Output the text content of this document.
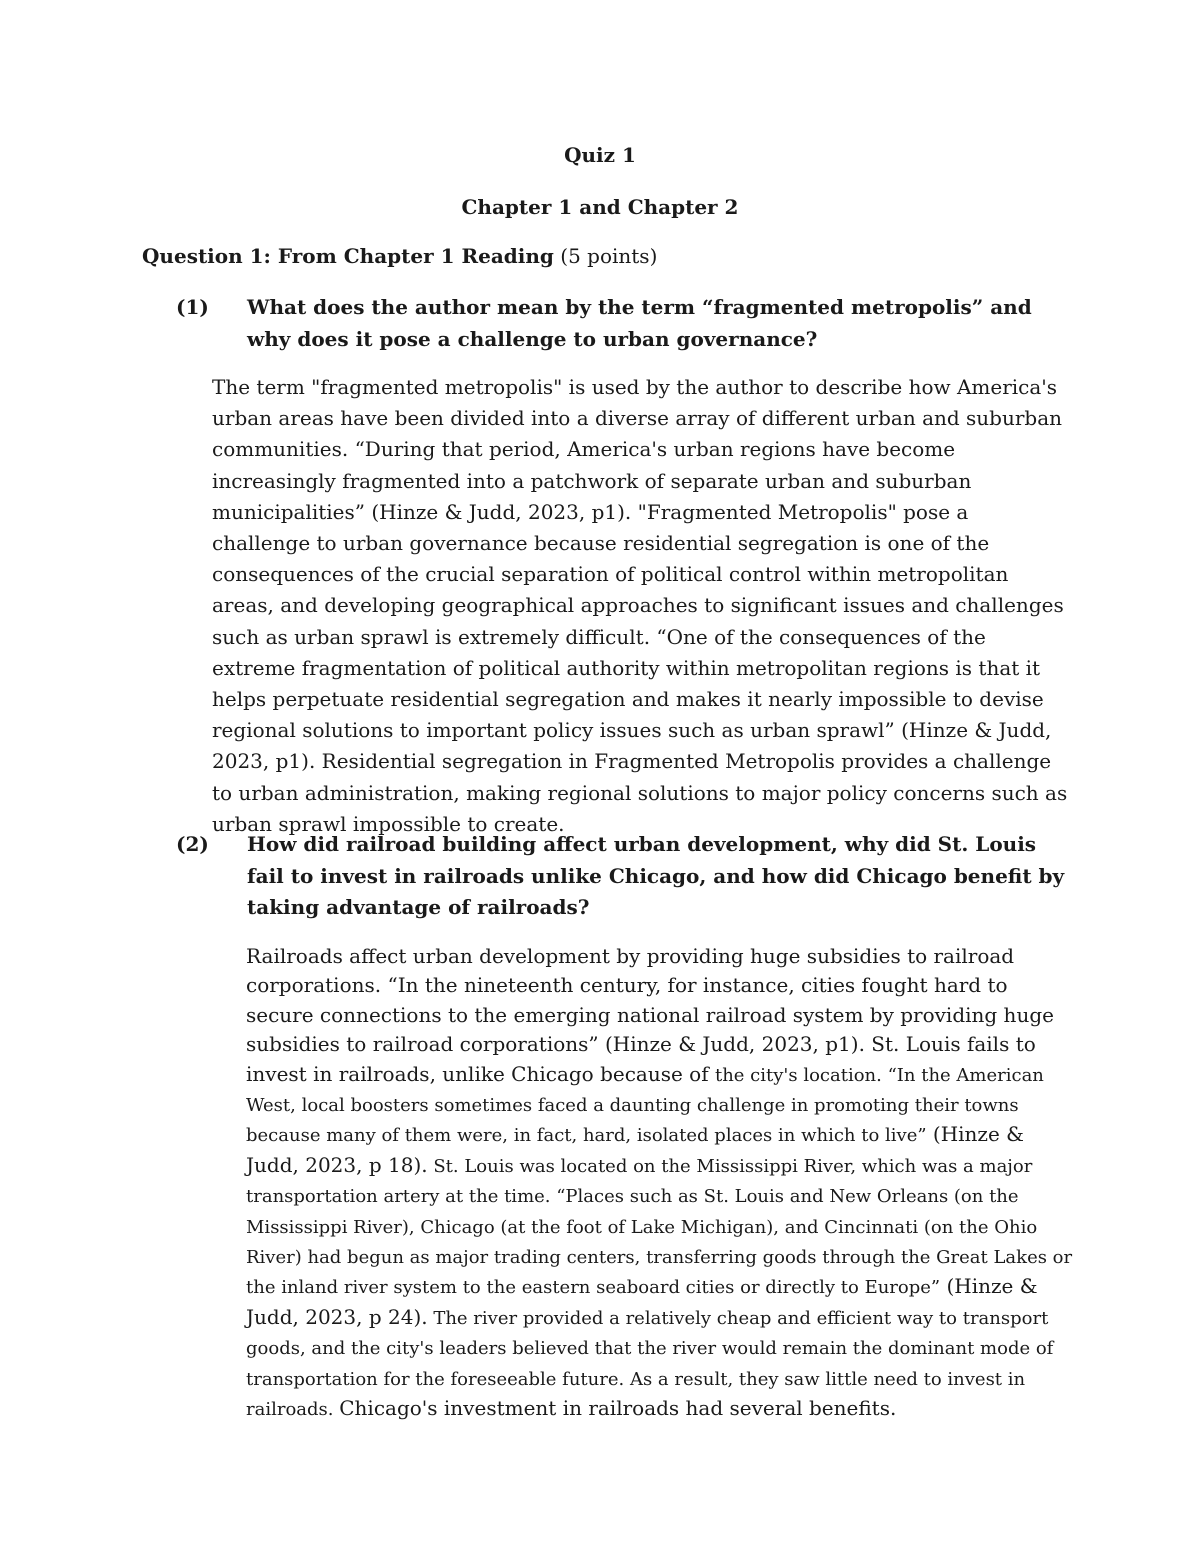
Quiz 1
Chapter 1 and Chapter 2
Question 1: From Chapter 1 Reading (5 points)
(1) What does the author mean by the term “fragmented metropolis” and why does it pose a challenge to urban governance?

The term "fragmented metropolis" is used by the author to describe how America's urban areas have been divided into a diverse array of different urban and suburban communities. “During that period, America's urban regions have become increasingly fragmented into a patchwork of separate urban and suburban municipalities” (Hinze & Judd, 2023, p1). "Fragmented Metropolis" pose a challenge to urban governance because residential segregation is one of the consequences of the crucial separation of political control within metropolitan areas, and developing geographical approaches to significant issues and challenges such as urban sprawl is extremely difficult. “One of the consequences of the extreme fragmentation of political authority within metropolitan regions is that it helps perpetuate residential segregation and makes it nearly impossible to devise regional solutions to important policy issues such as urban sprawl” (Hinze & Judd, 2023, p1). Residential segregation in Fragmented Metropolis provides a challenge to urban administration, making regional solutions to major policy concerns such as urban sprawl impossible to create.

(2) How did railroad building affect urban development, why did St. Louis fail to invest in railroads unlike Chicago, and how did Chicago benefit by taking advantage of railroads?

Railroads affect urban development by providing huge subsidies to railroad corporations. “In the nineteenth century, for instance, cities fought hard to secure connections to the emerging national railroad system by providing huge subsidies to railroad corporations” (Hinze & Judd, 2023, p1). St. Louis fails to invest in railroads, unlike Chicago because of the city's location. “In the American West, local boosters sometimes faced a daunting challenge in promoting their towns because many of them were, in fact, hard, isolated places in which to live” (Hinze & Judd, 2023, p 18). St. Louis was located on the Mississippi River, which was a major transportation artery at the time. “Places such as St. Louis and New Orleans (on the Mississippi River), Chicago (at the foot of Lake Michigan), and Cincinnati (on the Ohio River) had begun as major trading centers, transferring goods through the Great Lakes or the inland river system to the eastern seaboard cities or directly to Europe” (Hinze & Judd, 2023, p 24). The river provided a relatively cheap and efficient way to transport goods, and the city's leaders believed that the river would remain the dominant mode of transportation for the foreseeable future. As a result, they saw little need to invest in railroads. Chicago's investment in railroads had several benefits.
